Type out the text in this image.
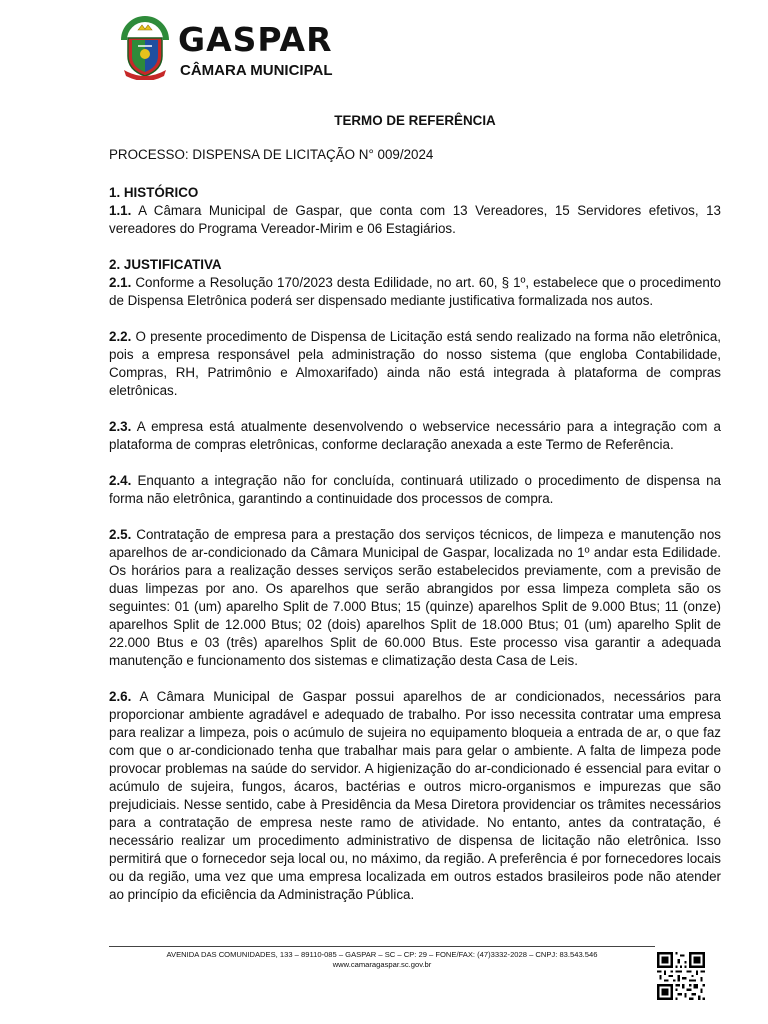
GASPAR
CÂMARA MUNICIPAL

TERMO DE REFERÊNCIA

PROCESSO: DISPENSA DE LICITAÇÃO N° 009/2024

1. HISTÓRICO

1.1. A Câmara Municipal de Gaspar, que conta com 13 Vereadores, 15 Servidores efetivos, 13 vereadores do Programa Vereador-Mirim e 06 Estagiários.

2. JUSTIFICATIVA

2.1. Conforme a Resolução 170/2023 desta Edilidade, no art. 60, § 1º, estabelece que o procedimento de Dispensa Eletrônica poderá ser dispensado mediante justificativa formalizada nos autos.

2.2. O presente procedimento de Dispensa de Licitação está sendo realizado na forma não eletrônica, pois a empresa responsável pela administração do nosso sistema (que engloba Contabilidade, Compras, RH, Patrimônio e Almoxarifado) ainda não está integrada à plataforma de compras eletrônicas.

2.3. A empresa está atualmente desenvolvendo o webservice necessário para a integração com a plataforma de compras eletrônicas, conforme declaração anexada a este Termo de Referência.

2.4. Enquanto a integração não for concluída, continuará utilizado o procedimento de dispensa na forma não eletrônica, garantindo a continuidade dos processos de compra.

2.5. Contratação de empresa para a prestação dos serviços técnicos, de limpeza e manutenção nos aparelhos de ar-condicionado da Câmara Municipal de Gaspar, localizada no 1º andar esta Edilidade. Os horários para a realização desses serviços serão estabelecidos previamente, com a previsão de duas limpezas por ano. Os aparelhos que serão abrangidos por essa limpeza completa são os seguintes: 01 (um) aparelho Split de 7.000 Btus; 15 (quinze) aparelhos Split de 9.000 Btus; 11 (onze) aparelhos Split de 12.000 Btus; 02 (dois) aparelhos Split de 18.000 Btus; 01 (um) aparelho Split de 22.000 Btus e 03 (três) aparelhos Split de 60.000 Btus. Este processo visa garantir a adequada manutenção e funcionamento dos sistemas e climatização desta Casa de Leis.

2.6. A Câmara Municipal de Gaspar possui aparelhos de ar condicionados, necessários para proporcionar ambiente agradável e adequado de trabalho. Por isso necessita contratar uma empresa para realizar a limpeza, pois o acúmulo de sujeira no equipamento bloqueia a entrada de ar, o que faz com que o ar-condicionado tenha que trabalhar mais para gelar o ambiente. A falta de limpeza pode provocar problemas na saúde do servidor. A higienização do ar-condicionado é essencial para evitar o acúmulo de sujeira, fungos, ácaros, bactérias e outros micro-organismos e impurezas que são prejudiciais. Nesse sentido, cabe à Presidência da Mesa Diretora providenciar os trâmites necessários para a contratação de empresa neste ramo de atividade. No entanto, antes da contratação, é necessário realizar um procedimento administrativo de dispensa de licitação não eletrônica. Isso permitirá que o fornecedor seja local ou, no máximo, da região. A preferência é por fornecedores locais ou da região, uma vez que uma empresa localizada em outros estados brasileiros pode não atender ao princípio da eficiência da Administração Pública.

AVENIDA DAS COMUNIDADES, 133 – 89110-085 – GASPAR – SC – CP: 29 – FONE/FAX: (47)3332-2028 – CNPJ: 83.543.546
www.camaragaspar.sc.gov.br
